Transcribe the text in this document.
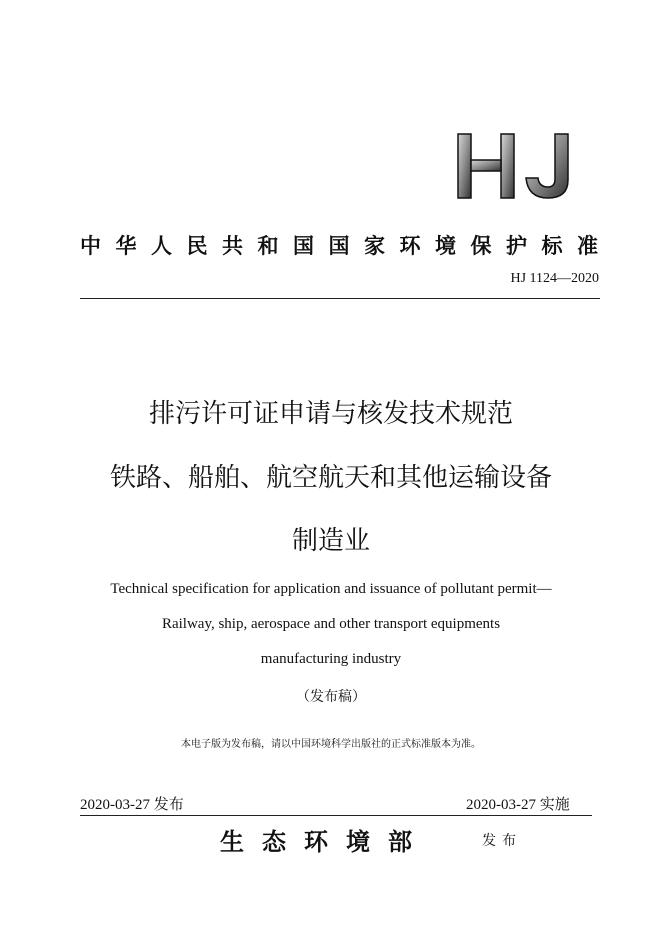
中华人民共和国国家环境保护标准
HJ 1124—2020
排污许可证申请与核发技术规范
铁路、船舶、航空航天和其他运输设备
制造业
Technical specification for application and issuance of pollutant permit—
Railway, ship, aerospace and other transport equipments
manufacturing industry
（发布稿）
本电子版为发布稿，请以中国环境科学出版社的正式标准版本为准。
2020-03-27 发布	2020-03-27 实施
生态环境部	发布
